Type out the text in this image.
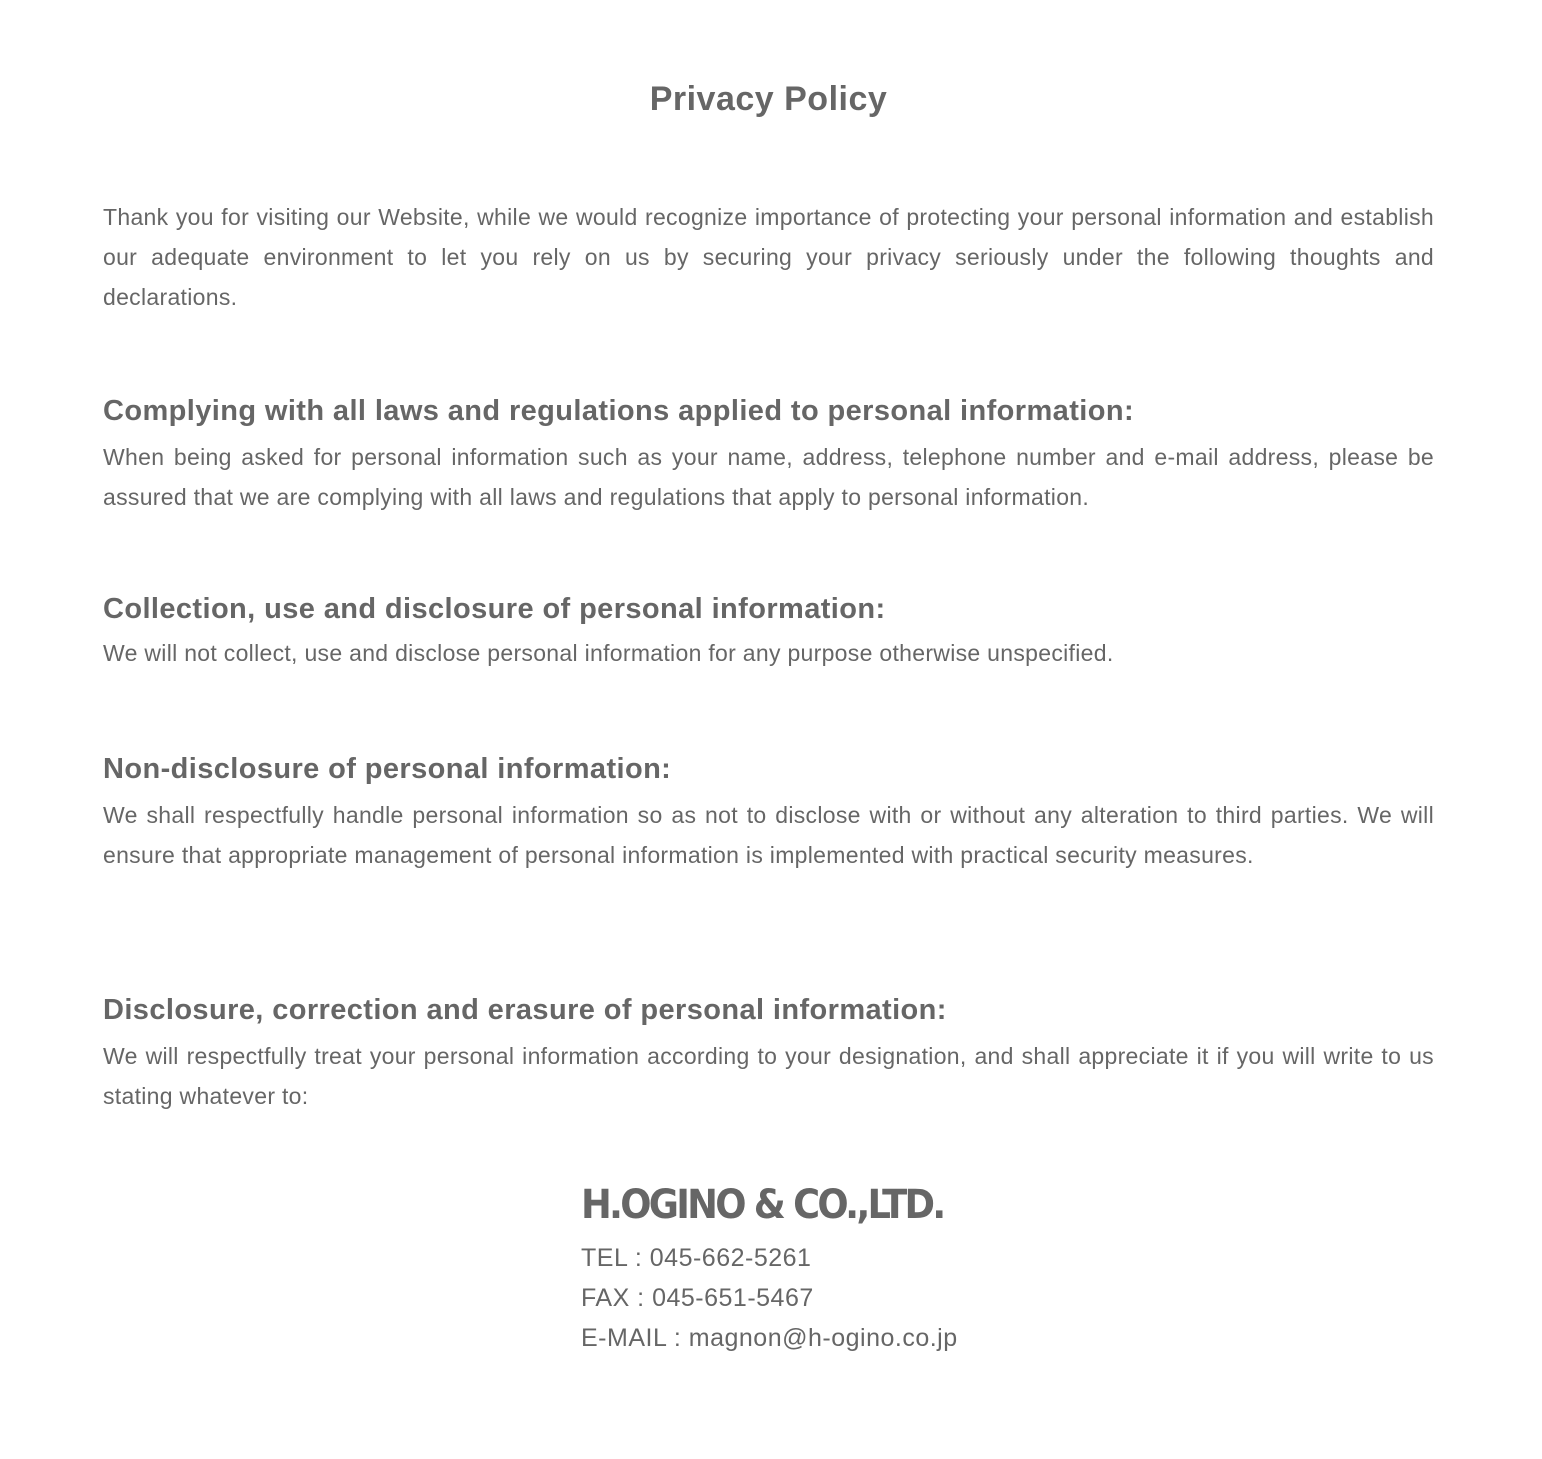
Privacy Policy

Thank you for visiting our Website, while we would recognize importance of protecting your personal information and establish our adequate environment to let you rely on us by securing your privacy seriously under the following thoughts and declarations.

Complying with all laws and regulations applied to personal information:

When being asked for personal information such as your name, address, telephone number and e-mail address, please be assured that we are complying with all laws and regulations that apply to personal information.

Collection, use and disclosure of personal information:

We will not collect, use and disclose personal information for any purpose otherwise unspecified.

Non-disclosure of personal information:

We shall respectfully handle personal information so as not to disclose with or without any alteration to third parties. We will ensure that appropriate management of personal information is implemented with practical security measures.

Disclosure, correction and erasure of personal information:

We will respectfully treat your personal information according to your designation, and shall appreciate it if you will write to us stating whatever to:

H.OGINO & CO.,LTD.

TEL : 045-662-5261

FAX : 045-651-5467

E-MAIL : magnon@h-ogino.co.jp
